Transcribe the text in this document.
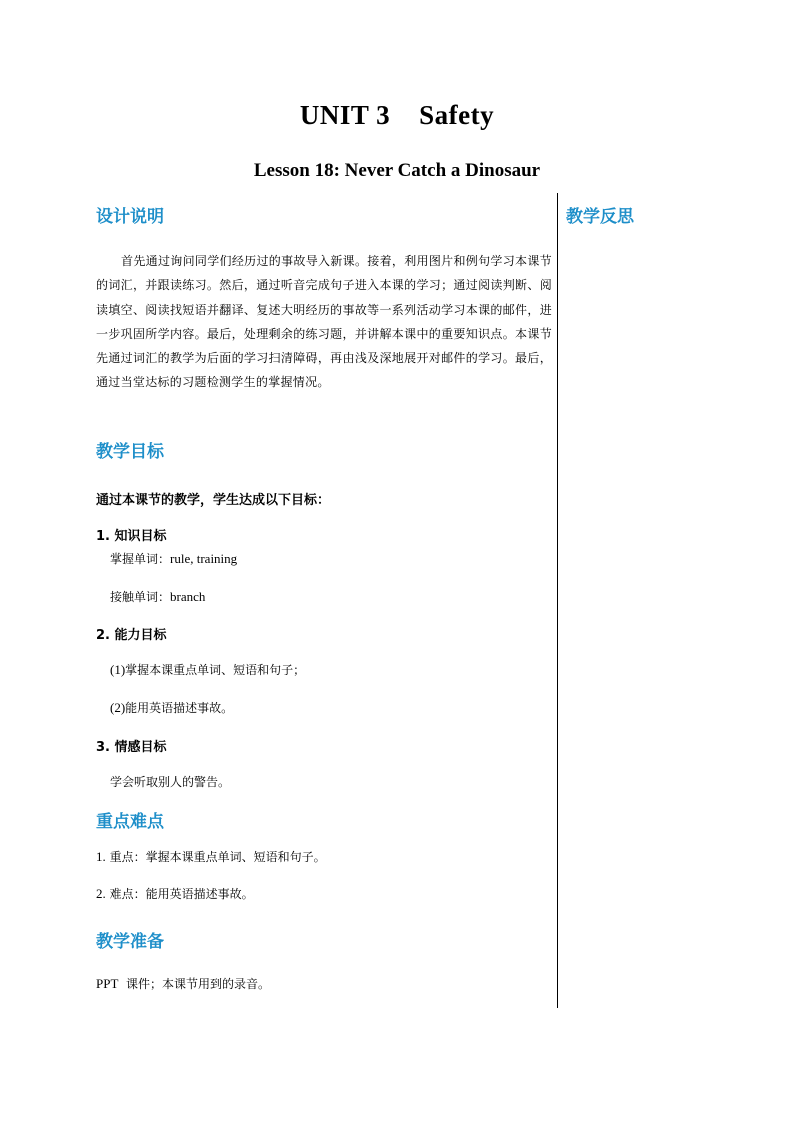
UNIT 3    Safety
Lesson 18: Never Catch a Dinosaur
教学反思
设计说明
首先通过询问同学们经历过的事故导入新课。接着，利用图片和例句学习本课节的词汇，并跟读练习。然后，通过听音完成句子进入本课的学习；通过阅读判断、阅读填空、阅读找短语并翻译、复述大明经历的事故等一系列活动学习本课的邮件，进一步巩固所学内容。最后，处理剩余的练习题，并讲解本课中的重要知识点。本课节先通过词汇的教学为后面的学习扫清障碍，再由浅及深地展开对邮件的学习。最后，通过当堂达标的习题检测学生的掌握情况。
教学目标
通过本课节的教学，学生达成以下目标：
1. 知识目标
掌握单词：rule, training
接触单词：branch
2. 能力目标
(1)掌握本课重点单词、短语和句子；
(2)能用英语描述事故。
3. 情感目标
学会听取别人的警告。
重点难点
1. 重点：掌握本课重点单词、短语和句子。
2. 难点：能用英语描述事故。
教学准备
PPT  课件；本课节用到的录音。
